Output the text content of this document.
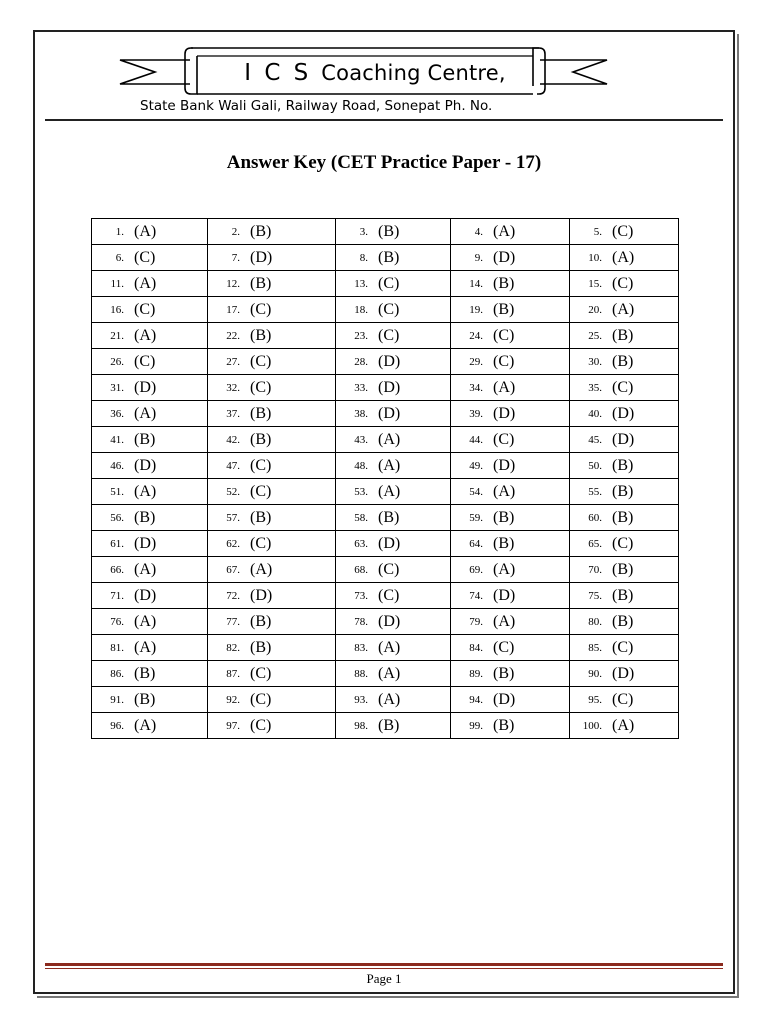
I C S Coaching Centre,
State Bank Wali Gali, Railway Road, Sonepat Ph. No.
Answer Key (CET Practice Paper - 17)
1. (A)	2. (B)	3. (B)	4. (A)	5. (C)
6. (C)	7. (D)	8. (B)	9. (D)	10. (A)
11. (A)	12. (B)	13. (C)	14. (B)	15. (C)
16. (C)	17. (C)	18. (C)	19. (B)	20. (A)
21. (A)	22. (B)	23. (C)	24. (C)	25. (B)
26. (C)	27. (C)	28. (D)	29. (C)	30. (B)
31. (D)	32. (C)	33. (D)	34. (A)	35. (C)
36. (A)	37. (B)	38. (D)	39. (D)	40. (D)
41. (B)	42. (B)	43. (A)	44. (C)	45. (D)
46. (D)	47. (C)	48. (A)	49. (D)	50. (B)
51. (A)	52. (C)	53. (A)	54. (A)	55. (B)
56. (B)	57. (B)	58. (B)	59. (B)	60. (B)
61. (D)	62. (C)	63. (D)	64. (B)	65. (C)
66. (A)	67. (A)	68. (C)	69. (A)	70. (B)
71. (D)	72. (D)	73. (C)	74. (D)	75. (B)
76. (A)	77. (B)	78. (D)	79. (A)	80. (B)
81. (A)	82. (B)	83. (A)	84. (C)	85. (C)
86. (B)	87. (C)	88. (A)	89. (B)	90. (D)
91. (B)	92. (C)	93. (A)	94. (D)	95. (C)
96. (A)	97. (C)	98. (B)	99. (B)	100. (A)
Page 1
